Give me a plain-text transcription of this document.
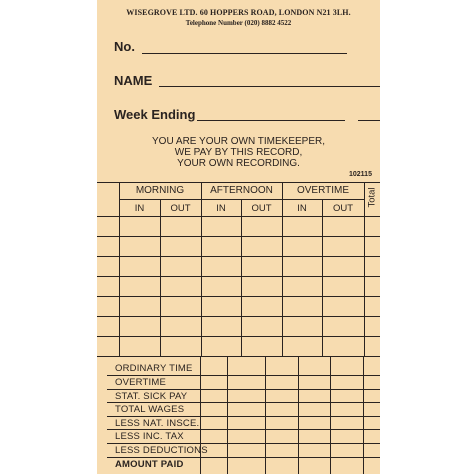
WISEGROVE LTD. 60 HOPPERS ROAD, LONDON N21 3LH.
Telephone Number (020) 8882 4522
No.
NAME
Week Ending
YOU ARE YOUR OWN TIMEKEEPER,
WE PAY BY THIS RECORD,
YOUR OWN RECORDING.
102115
MORNING	AFTERNOON	OVERTIME
IN	OUT	IN	OUT	IN	OUT
Total
ORDINARY TIME
OVERTIME
STAT. SICK PAY
TOTAL WAGES
LESS NAT. INSCE.
LESS INC. TAX
LESS DEDUCTIONS
AMOUNT PAID
